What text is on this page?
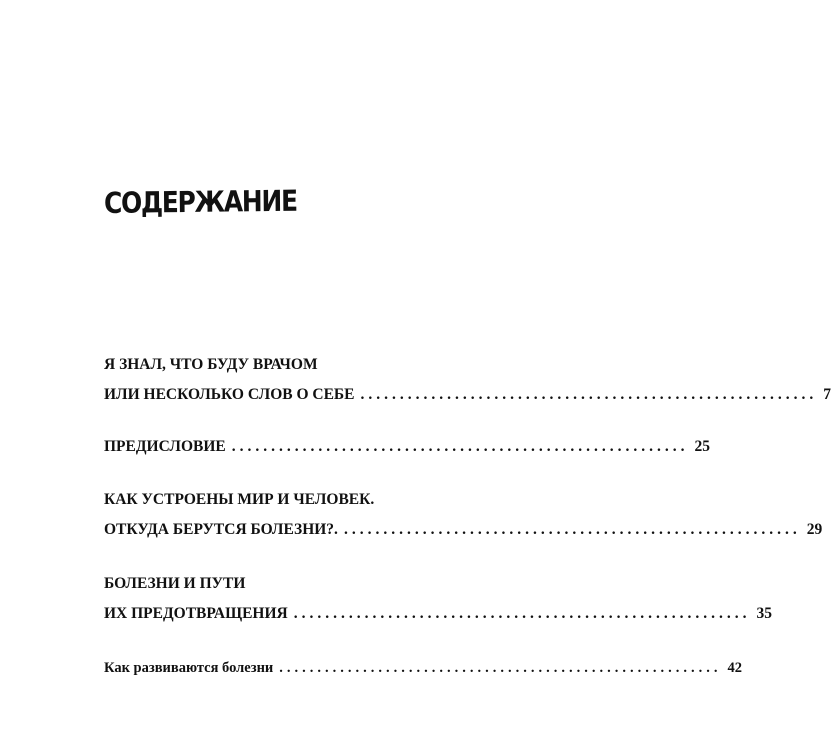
СОДЕРЖАНИЕ
Я ЗНАЛ, ЧТО БУДУ ВРАЧОМ
ИЛИ НЕСКОЛЬКО СЛОВ О СЕБЕ .......................................................... 7
ПРЕДИСЛОВИЕ .......................................................... 25
КАК УСТРОЕНЫ МИР И ЧЕЛОВЕК.
ОТКУДА БЕРУТСЯ БОЛЕЗНИ?. .......................................................... 29
БОЛЕЗНИ И ПУТИ
ИХ ПРЕДОТВРАЩЕНИЯ .......................................................... 35
Как развиваются болезни .......................................................... 42
